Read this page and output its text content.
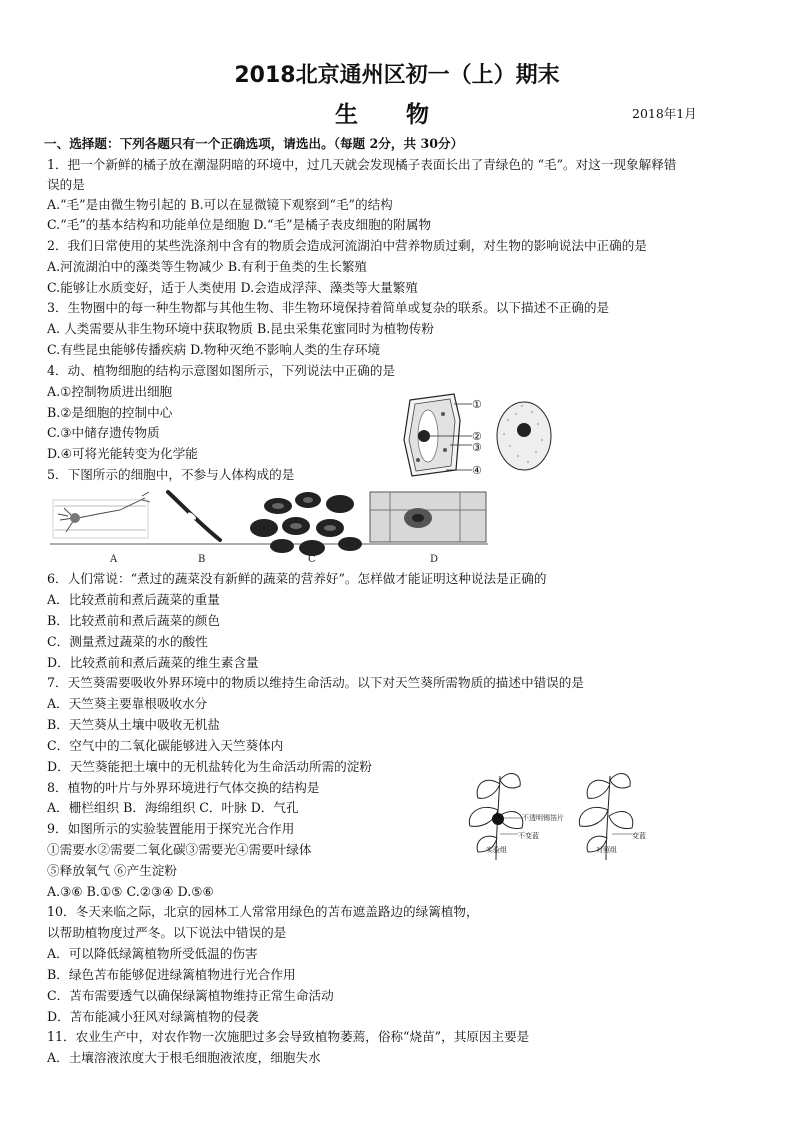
2018北京通州区初一（上）期末
生 物	2018年1月
一、选择题：下列各题只有一个正确选项，请选出。（每题 2分，共 30分）
1．把一个新鲜的橘子放在潮湿阴暗的环境中，过几天就会发现橘子表面长出了青绿色的 “毛”。对这一现象解释错
误的是
A.“毛”是由微生物引起的 B.可以在显微镜下观察到“毛”的结构
C.“毛”的基本结构和功能单位是细胞 D.“毛”是橘子表皮细胞的附属物
2．我们日常使用的某些洗涤剂中含有的物质会造成河流湖泊中营养物质过剩，对生物的影响说法中正确的是
A.河流湖泊中的藻类等生物减少 B.有利于鱼类的生长繁殖
C.能够让水质变好，适于人类使用 D.会造成浮萍、藻类等大量繁殖
3．生物圈中的每一种生物都与其他生物、非生物环境保持着简单或复杂的联系。以下描述不正确的是
A. 人类需要从非生物环境中获取物质 B.昆虫采集花蜜同时为植物传粉
C.有些昆虫能够传播疾病 D.物种灭绝不影响人类的生存环境
4．动、植物细胞的结构示意图如图所示，下列说法中正确的是
A.①控制物质进出细胞
B.②是细胞的控制中心
C.③中储存遗传物质
D.④可将光能转变为化学能
5．下图所示的细胞中，不参与人体构成的是
6．人们常说：“煮过的蔬菜没有新鲜的蔬菜的营养好”。怎样做才能证明这种说法是正确的
A．比较煮前和煮后蔬菜的重量
B．比较煮前和煮后蔬菜的颜色
C．测量煮过蔬菜的水的酸性
D．比较煮前和煮后蔬菜的维生素含量
7．天竺葵需要吸收外界环境中的物质以维持生命活动。以下对天竺葵所需物质的描述中错误的是
A．天竺葵主要靠根吸收水分
B．天竺葵从土壤中吸收无机盐
C．空气中的二氧化碳能够进入天竺葵体内
D．天竺葵能把土壤中的无机盐转化为生命活动所需的淀粉
8．植物的叶片与外界环境进行气体交换的结构是
A．栅栏组织 B．海绵组织 C．叶脉 D．气孔
9．如图所示的实验装置能用于探究光合作用
①需要水②需要二氧化碳③需要光④需要叶绿体
⑤释放氧气 ⑥产生淀粉
A.③⑥ B.①⑤ C.②③④ D.⑤⑥
10．冬天来临之际，北京的园林工人常常用绿色的苫布遮盖路边的绿篱植物，
以帮助植物度过严冬。以下说法中错误的是
A．可以降低绿篱植物所受低温的伤害
B．绿色苫布能够促进绿篱植物进行光合作用
C．苫布需要透气以确保绿篱植物维持正常生命活动
D．苫布能减小狂风对绿篱植物的侵袭
11．农业生产中，对农作物一次施肥过多会导致植物萎蔫，俗称“烧苗”，其原因主要是
A．土壤溶液浓度大于根毛细胞液浓度，细胞失水
①
②
③
④
A	B	C	D
不透明锡箔片
不变蓝	变蓝
实验组	对照组
